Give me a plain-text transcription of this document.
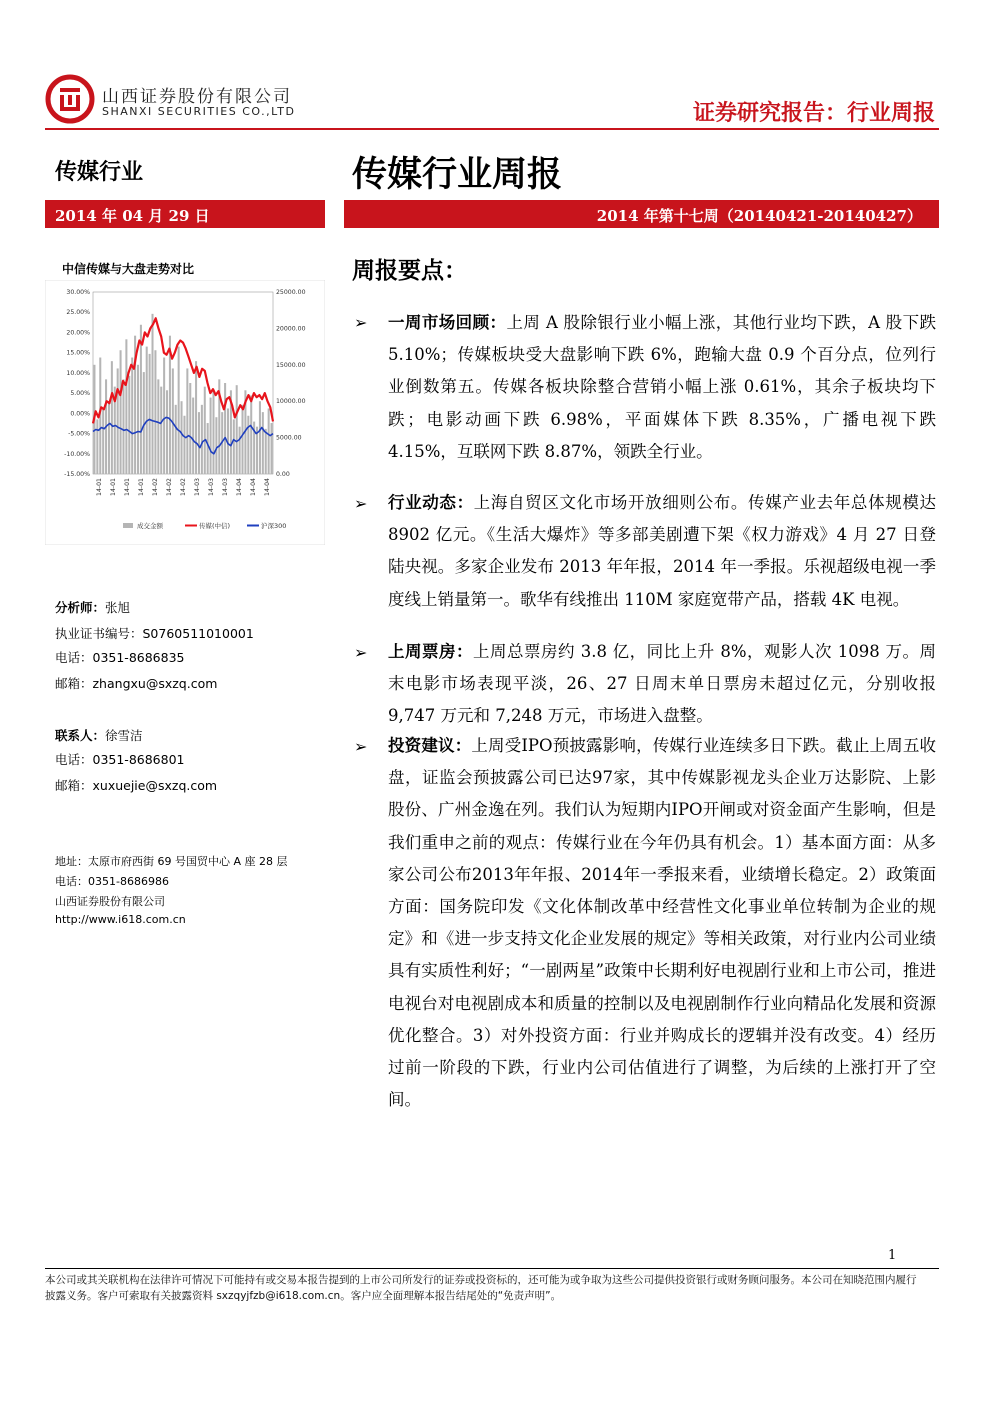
山西证券股份有限公司
SHANXI SECURITIES CO.,LTD	证券研究报告：行业周报
传媒行业	传媒行业周报
2014 年 04 月 29 日	2014 年第十七周（20140421-20140427）
中信传媒与大盘走势对比
30.00%
25.00%
20.00%
15.00%
10.00%
5.00%
0.00%
-5.00%
-10.00%
-15.00%
25000.00
20000.00
15000.00
10000.00
5000.00
0.00
14-01 14-01 14-01 14-01 14-02 14-02 14-02 14-03 14-03 14-03 14-04 14-04 14-04
成交金额	传媒(中信)	沪深300
分析师：张旭
执业证书编号：S0760511010001
电话：0351-8686835
邮箱：zhangxu@sxzq.com
联系人：徐雪洁
电话：0351-8686801
邮箱：xuxuejie@sxzq.com
地址：太原市府西街 69 号国贸中心 A 座 28 层
电话：0351-8686986
山西证券股份有限公司
http://www.i618.com.cn
周报要点：
➢ 一周市场回顾：上周 A 股除银行业小幅上涨，其他行业均下跌，A 股下跌 5.10%；传媒板块受大盘影响下跌 6%，跑输大盘 0.9 个百分点，位列行业倒数第五。传媒各板块除整合营销小幅上涨 0.61%，其余子板块均下跌；电影动画下跌 6.98%，平面媒体下跌 8.35%，广播电视下跌 4.15%，互联网下跌 8.87%，领跌全行业。
➢ 行业动态：上海自贸区文化市场开放细则公布。传媒产业去年总体规模达 8902 亿元。《生活大爆炸》等多部美剧遭下架《权力游戏》4 月 27 日登陆央视。多家企业发布 2013 年年报，2014 年一季报。乐视超级电视一季度线上销量第一。歌华有线推出 110M 家庭宽带产品，搭载 4K 电视。
➢ 上周票房：上周总票房约 3.8 亿，同比上升 8%，观影人次 1098 万。周末电影市场表现平淡，26、27 日周末单日票房未超过亿元，分别收报 9,747 万元和 7,248 万元，市场进入盘整。
➢ 投资建议：上周受IPO预披露影响，传媒行业连续多日下跌。截止上周五收盘，证监会预披露公司已达97家，其中传媒影视龙头企业万达影院、上影股份、广州金逸在列。我们认为短期内IPO开闸或对资金面产生影响，但是我们重申之前的观点：传媒行业在今年仍具有机会。1）基本面方面：从多家公司公布2013年年报、2014年一季报来看，业绩增长稳定。2）政策面方面：国务院印发《文化体制改革中经营性文化事业单位转制为企业的规定》和《进一步支持文化企业发展的规定》等相关政策，对行业内公司业绩具有实质性利好；“一剧两星”政策中长期利好电视剧行业和上市公司，推进电视台对电视剧成本和质量的控制以及电视剧制作行业向精品化发展和资源优化整合。3）对外投资方面：行业并购成长的逻辑并没有改变。4）经历过前一阶段的下跌，行业内公司估值进行了调整，为后续的上涨打开了空间。
1
本公司或其关联机构在法律许可情况下可能持有或交易本报告提到的上市公司所发行的证券或投资标的，还可能为或争取为这些公司提供投资银行或财务顾问服务。本公司在知晓范围内履行披露义务。客户可索取有关披露资料 sxzqyjfzb@i618.com.cn。客户应全面理解本报告结尾处的“免责声明”。
